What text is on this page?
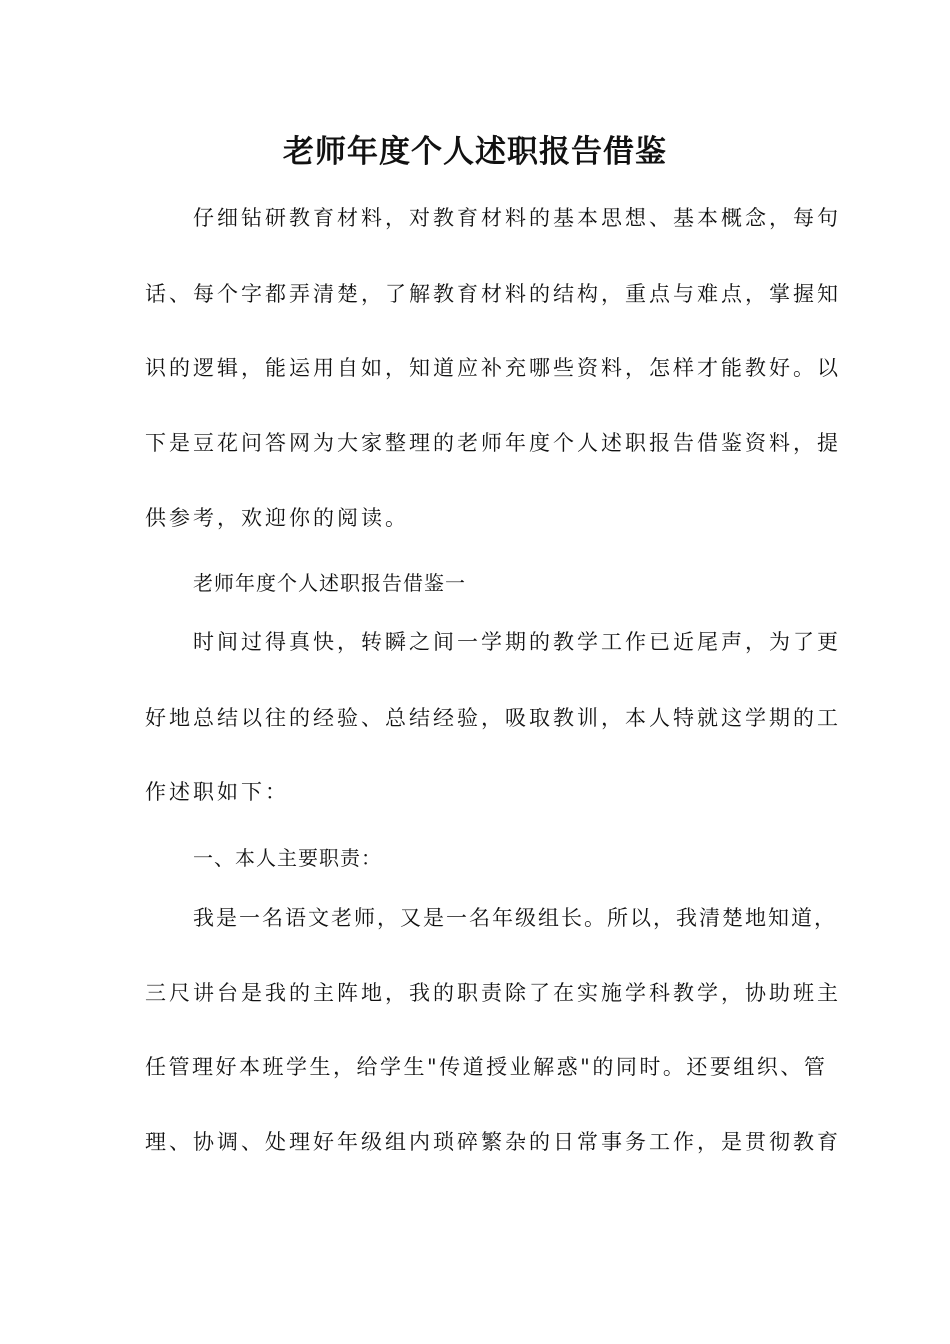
老师年度个人述职报告借鉴
仔细钻研教育材料，对教育材料的基本思想、基本概念，每句
话、每个字都弄清楚，了解教育材料的结构，重点与难点，掌握知
识的逻辑，能运用自如，知道应补充哪些资料，怎样才能教好。以
下是豆花问答网为大家整理的老师年度个人述职报告借鉴资料，提
供参考，欢迎你的阅读。
老师年度个人述职报告借鉴一
时间过得真快，转瞬之间一学期的教学工作已近尾声，为了更
好地总结以往的经验、总结经验，吸取教训，本人特就这学期的工
作述职如下：
一、本人主要职责：
我是一名语文老师，又是一名年级组长。所以，我清楚地知道，
三尺讲台是我的主阵地，我的职责除了在实施学科教学，协助班主
任管理好本班学生，给学生"传道授业解惑"的同时。还要组织、管
理、协调、处理好年级组内琐碎繁杂的日常事务工作，是贯彻教育
